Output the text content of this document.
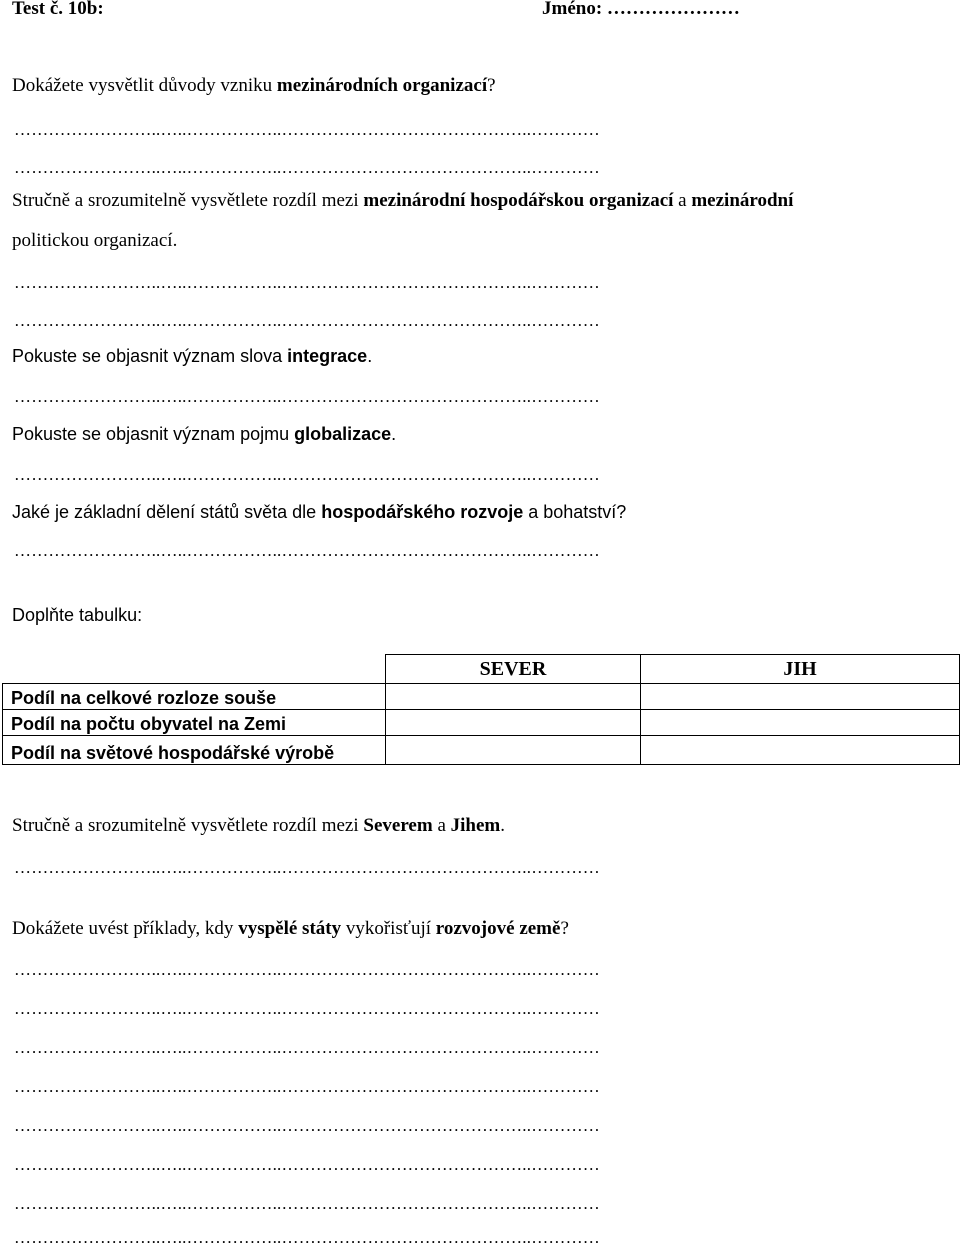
Test č. 10b:	Jméno: …………………
Dokážete vysvětlit důvody vzniku mezinárodních organizací?
……………………..…..……………..……………………………………..…………
……………………..…..……………..……………………………………..…………
Stručně a srozumitelně vysvětlete rozdíl mezi mezinárodní hospodářskou organizací a mezinárodní
politickou organizací.
……………………..…..……………..……………………………………..…………
……………………..…..……………..……………………………………..…………
Pokuste se objasnit význam slova integrace.
……………………..…..……………..……………………………………..…………
Pokuste se objasnit význam pojmu globalizace.
……………………..…..……………..……………………………………..…………
Jaké je základní dělení států světa dle hospodářského rozvoje a bohatství?
……………………..…..……………..……………………………………..…………
Doplňte tabulku:
	SEVER	JIH
Podíl na celkové rozloze souše		
Podíl na počtu obyvatel na Zemi		
Podíl na světové hospodářské výrobě		
Stručně a srozumitelně vysvětlete rozdíl mezi Severem a Jihem.
……………………..…..……………..……………………………………..…………
Dokážete uvést příklady, kdy vyspělé státy vykořisťují rozvojové země?
……………………..…..……………..……………………………………..…………
……………………..…..……………..……………………………………..…………
……………………..…..……………..……………………………………..…………
……………………..…..……………..……………………………………..…………
……………………..…..……………..……………………………………..…………
……………………..…..……………..……………………………………..…………
……………………..…..……………..……………………………………..…………
……………………..…..……………..……………………………………..…………
